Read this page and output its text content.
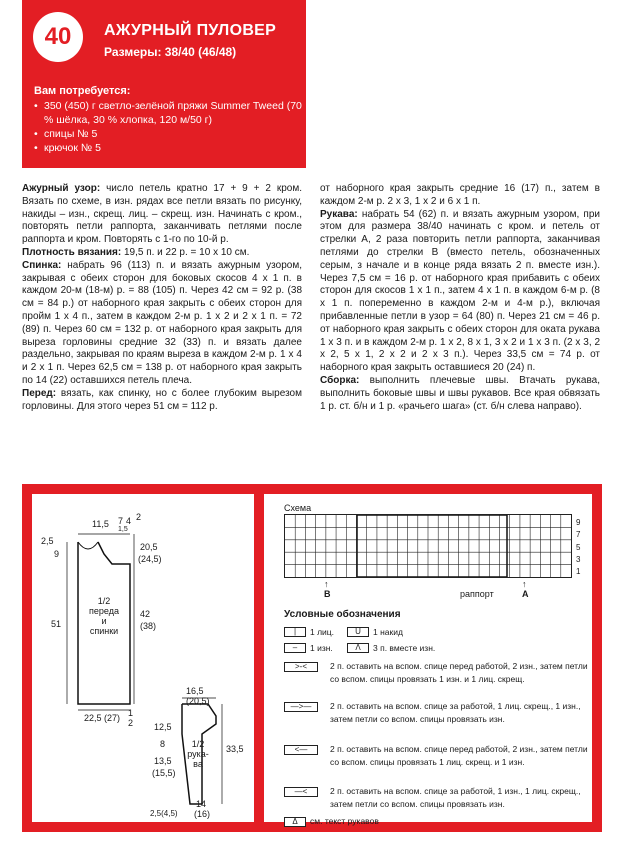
40	АЖУРНЫЙ ПУЛОВЕР
Размеры: 38/40 (46/48)
Вам потребуется:
• 350 (450) г светло-зелёной пряжи Summer Tweed (70 % шёлка, 30 % хлопка, 120 м/50 г)
• спицы № 5
• крючок № 5

Ажурный узор: число петель кратно 17 + 9 + 2 кром. Вязать по схеме, в изн. рядах все петли вязать по рисунку, накиды – изн., скрещ. лиц. – скрещ. изн. Начинать с кром., повторять петли раппорта, заканчивать петлями после раппорта и кром. Повторять с 1-го по 10-й р.

Плотность вязания: 19,5 п. и 22 р. = 10 х 10 см.

Спинка: набрать 96 (113) п. и вязать ажурным узором, закрывая с обеих сторон для боковых скосов 4 х 1 п. в каждом 20-м (18-м) р. = 88 (105) п. Через 42 см = 92 р. (38 см = 84 р.) от наборного края закрыть с обеих сторон для пройм 1 х 4 п., затем в каждом 2-м р. 1 х 2 и 2 х 1 п. = 72 (89) п. Через 60 см = 132 р. от наборного края закрыть для выреза горловины средние 32 (33) п. и вязать далее раздельно, закрывая по краям выреза в каждом 2-м р. 1 х 4 и 2 х 1 п. Через 62,5 см = 138 р. от наборного края закрыть по 14 (22) оставшихся петель плеча.

Перед: вязать, как спинку, но с более глубоким вырезом горловины. Для этого через 51 см = 112 р.

от наборного края закрыть средние 16 (17) п., затем в каждом 2-м р. 2 х 3, 1 х 2 и 6 х 1 п.

Рукава: набрать 54 (62) п. и вязать ажурным узором, при этом для размера 38/40 начинать с кром. и петель от стрелки А, 2 раза повторить петли раппорта, заканчивая петлями до стрелки В (вместо петель, обозначенных серым, з начале и в конце ряда вязать 2 п. вместе изн.). Через 7,5 см = 16 р. от наборного края прибавить с обеих сторон для скосов 1 х 1 п., затем 4 х 1 п. в каждом 6-м р. (8 х 1 п. попеременно в каждом 2-м и 4-м р.), включая прибавленные петли в узор = 64 (80) п. Через 21 см = 46 р. от наборного края закрыть с обеих сторон для оката рукава 1 х 3 п. и в каждом 2-м р. 1 х 2, 8 х 1, 3 х 2 и 1 х 3 п. (2 х 3, 2 х 2, 5 х 1, 2 х 2 и 2 х 3 п.). Через 33,5 см = 74 р. от наборного края закрыть оставшиеся 20 (24) п.

Сборка: выполнить плечевые швы. Втачать рукава, выполнить боковые швы и швы рукавов. Все края обвязать 1 р. ст. б/н и 1 р. «рачьего шага» (ст. б/н слева направо).

11,5 7
1,5
4 2
2,5
9
20,5
(24,5)
51
42
(38)
22,5 (27) 1
2
1/2
переда
и
спинки
16,5
(20,5)
12,5
8
13,5
(15,5)
33,5
14
(16)
2,5(4,5)
1/2
рука-
ва
Схема
9
7
5
3
1
↑
B
↑
A
раппорт
Условные обозначения
|	1 лиц.	U	1 накид
–	1 изн.	Λ	3 п. вместе изн.
>-<	2 п. оставить на вспом. спице перед работой, 2 изн., затем петли со вспом. спицы провязать 1 изн. и 1 лиц. скрещ.
—>—	2 п. оставить на вспом. спице за работой, 1 лиц. скрещ., 1 изн., затем петли со вспом. спицы провязать изн.
<—	2 п. оставить на вспом. спице перед работой, 2 изн., затем петли со вспом. спицы провязать 1 лиц. скрещ. и 1 изн.
—<	2 п. оставить на вспом. спице за работой, 1 изн., 1 лиц. скрещ., затем петли со вспом. спицы провязать изн.
Δ	см. текст рукавов
